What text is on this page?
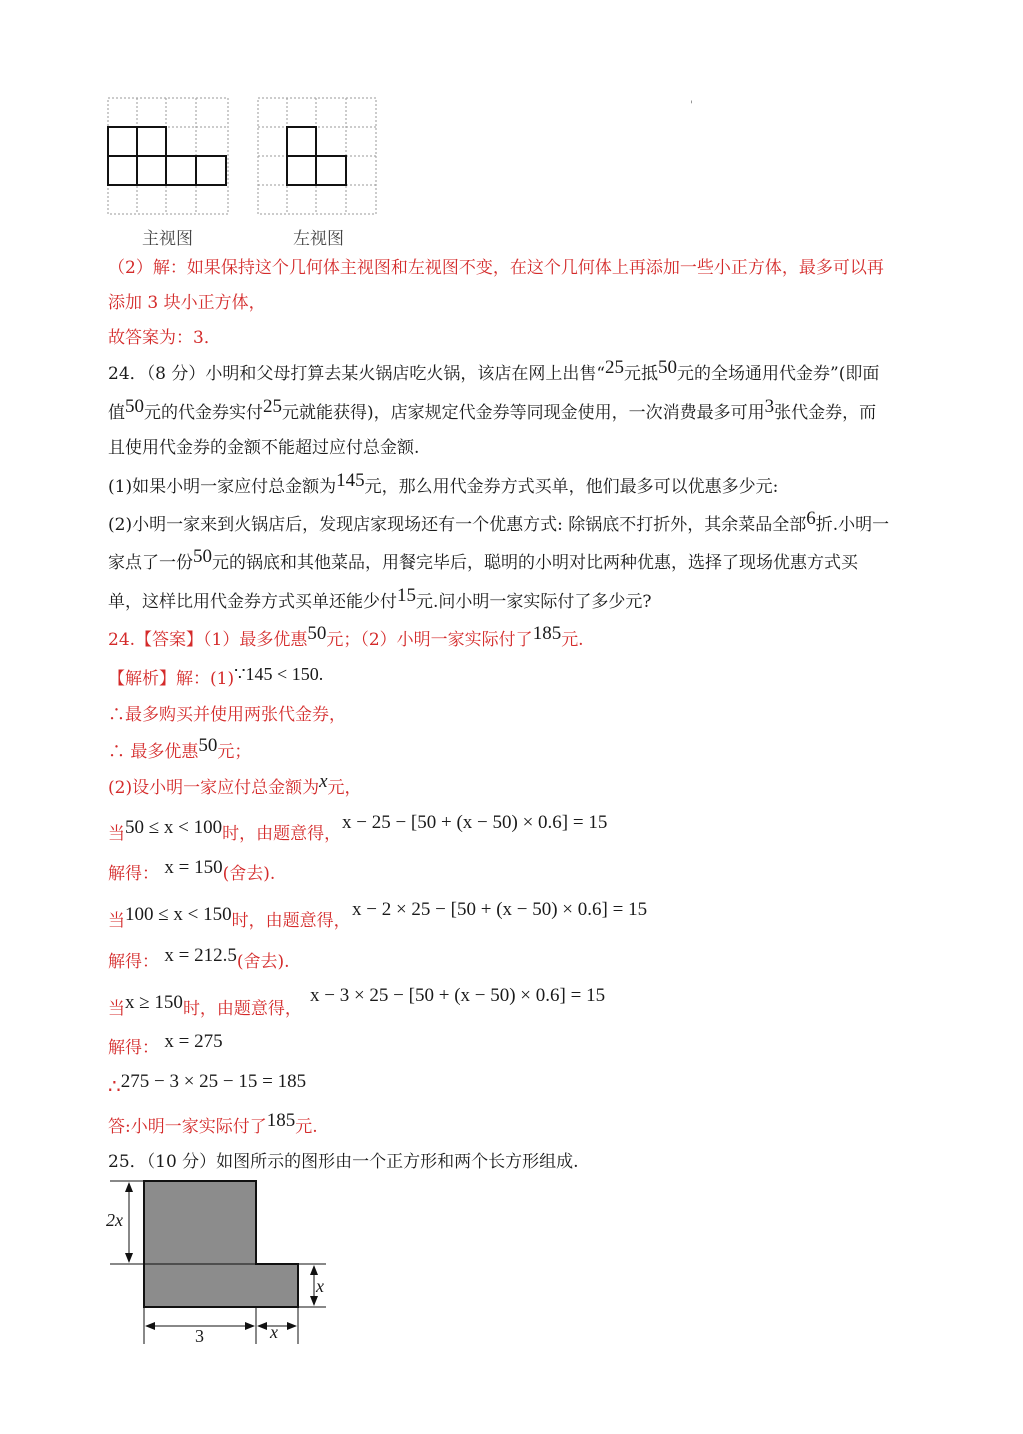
主视图	左视图
'
（2）解：如果保持这个几何体主视图和左视图不变，在这个几何体上再添加一些小正方体，最多可以再
添加 3 块小正方体，
故答案为：3．
24．（8 分）小明和父母打算去某火锅店吃火锅，该店在网上出售“25元抵50元的全场通用代金券”(即面
值50元的代金券实付25元就能获得)，店家规定代金券等同现金使用，一次消费最多可用3张代金券，而
且使用代金券的金额不能超过应付总金额.
(1)如果小明一家应付总金额为145元，那么用代金券方式买单，他们最多可以优惠多少元:
(2)小明一家来到火锅店后，发现店家现场还有一个优惠方式: 除锅底不打折外，其余菜品全部6折.小明一
家点了一份50元的锅底和其他菜品，用餐完毕后，聪明的小明对比两种优惠，选择了现场优惠方式买
单，这样比用代金券方式买单还能少付15元.问小明一家实际付了多少元?
24.【答案】（1）最多优惠50元；（2）小明一家实际付了185元.
【解析】解：(1)∵145 < 150.
∴最多购买并使用两张代金券，
∴ 最多优惠50元；
(2)设小明一家应付总金额为x元，
当50 ≤ x < 100时，由题意得，
x − 25 − [50 + (x − 50) × 0.6] = 15
解得： x = 150(舍去).
当100 ≤ x < 150时，由题意得，
x − 2 × 25 − [50 + (x − 50) × 0.6] = 15
解得： x = 212.5(舍去).
当x ≥ 150时，由题意得，
x − 3 × 25 − [50 + (x − 50) × 0.6] = 15
解得： x = 275
∴275 − 3 × 25 − 15 = 185
答:小明一家实际付了185元.
25．（10 分）如图所示的图形由一个正方形和两个长方形组成.
2x
x
3	x
